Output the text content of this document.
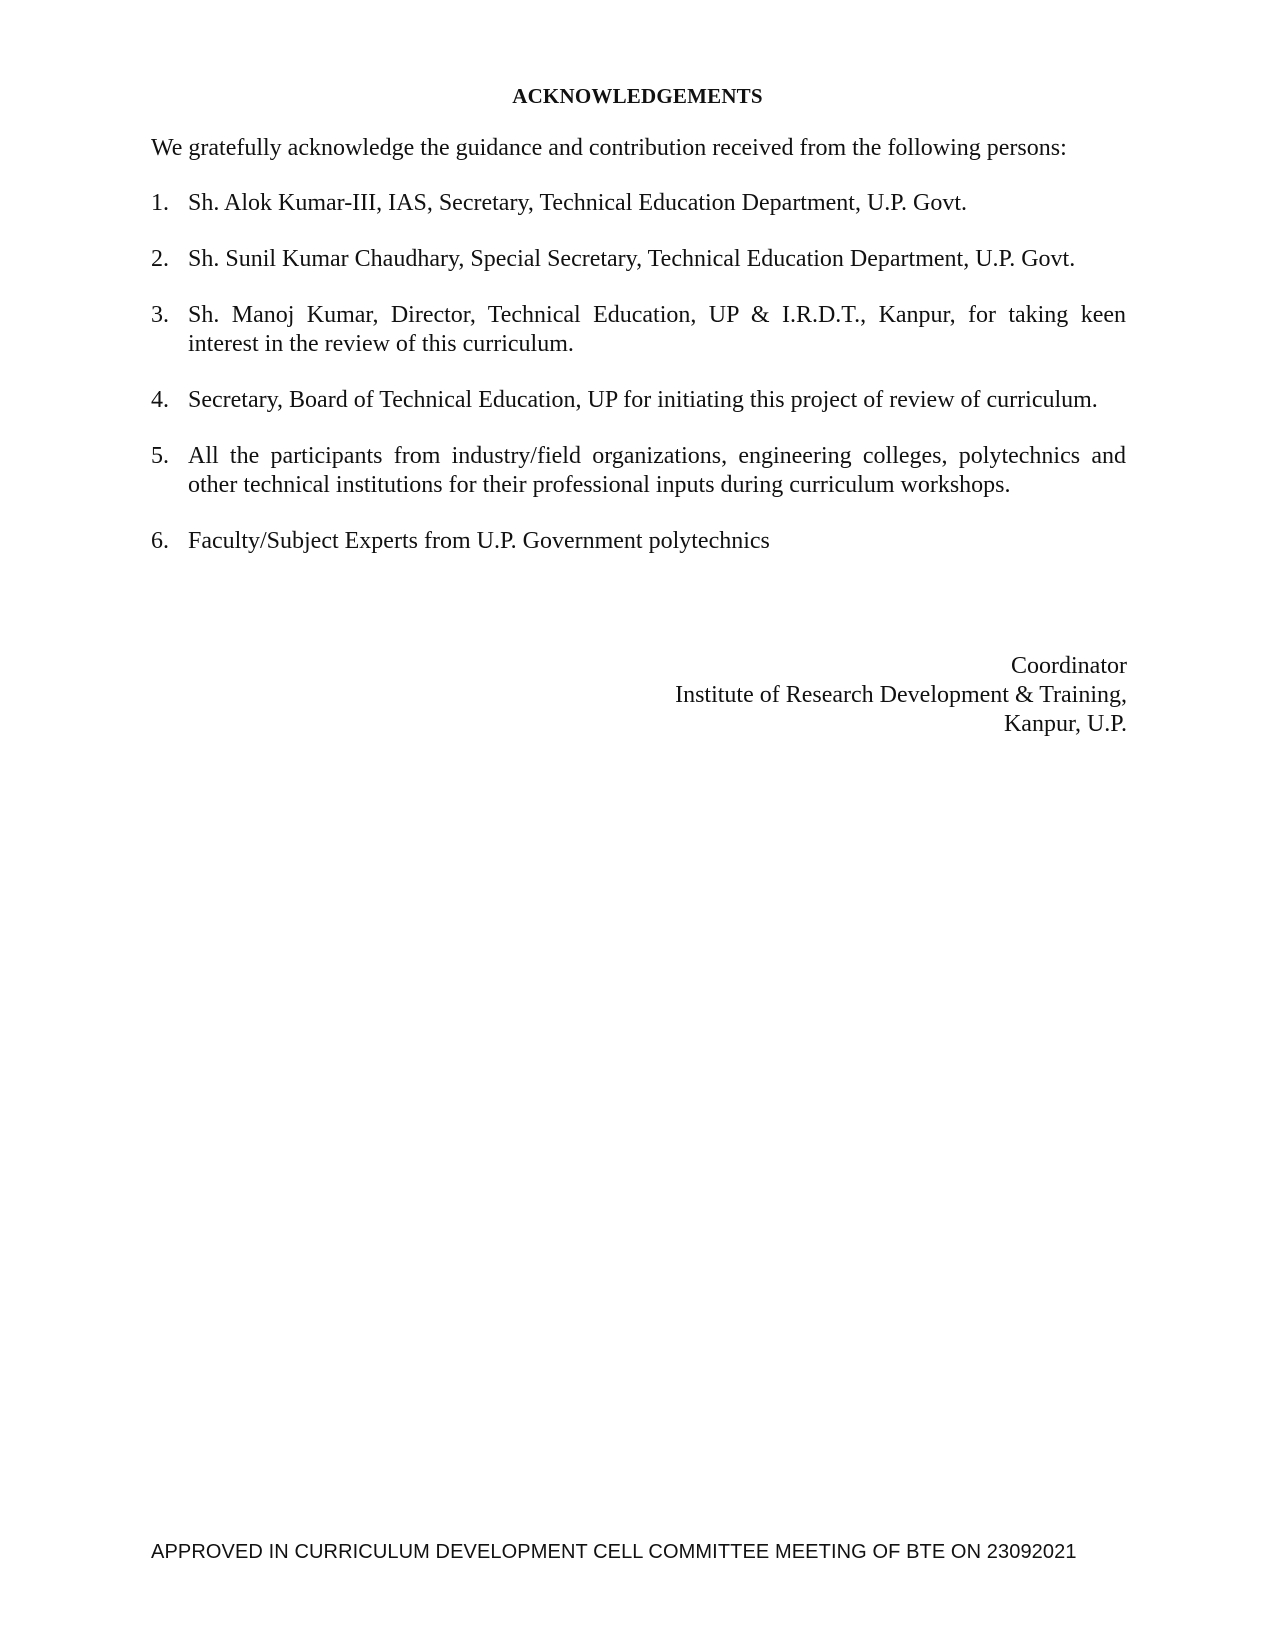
ACKNOWLEDGEMENTS
We gratefully acknowledge the guidance and contribution received from the following persons:
1. Sh. Alok Kumar-III, IAS, Secretary, Technical Education Department, U.P. Govt.
2. Sh. Sunil Kumar Chaudhary, Special Secretary, Technical Education Department, U.P. Govt.
3. Sh. Manoj Kumar, Director, Technical Education, UP & I.R.D.T., Kanpur, for taking keen interest in the review of this curriculum.
4. Secretary, Board of Technical Education, UP for initiating this project of review of curriculum.
5. All the participants from industry/field organizations, engineering colleges, polytechnics and other technical institutions for their professional inputs during curriculum workshops.
6. Faculty/Subject Experts from U.P. Government polytechnics
Coordinator
Institute of Research Development & Training,
Kanpur, U.P.
APPROVED IN CURRICULUM DEVELOPMENT CELL COMMITTEE MEETING OF BTE ON 23092021
